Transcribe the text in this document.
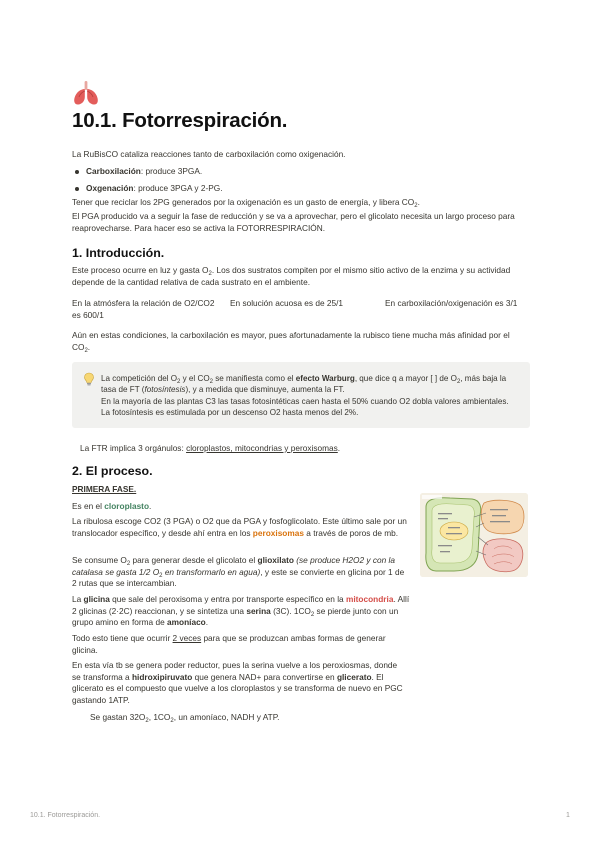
10.1. Fotorrespiración.

La RuBisCO cataliza reacciones tanto de carboxilación como oxigenación.

Carboxilación: produce 3PGA.
Oxgenación: produce 3PGA y 2-PG.

Tener que reciclar los 2PG generados por la oxigenación es un gasto de energía, y libera $CO_2$.

El PGA producido va a seguir la fase de reducción y se va a aprovechar, pero el glicolato necesita un largo proceso para reaprovecharse. Para hacer eso se activa la FOTORRESPIRACIÓN.

1. Introducción.

Este proceso ocurre en luz y gasta $O_2$. Los dos sustratos compiten por el mismo sitio activo de la enzima y su actividad depende de la cantidad relativa de cada sustrato en el ambiente.

En la atmósfera la relación de O2/CO2 es 600/1

En solución acuosa es de 25/1	En carboxilación/oxigenación es 3/1

Aún en estas condiciones, la carboxilación es mayor, pues afortunadamente la rubisco tiene mucha más afinidad por el $CO_2$.

La competición del $O_2$ y el $CO_2$ se manifiesta como el efecto Warburg, que dice q a mayor [ ] de $O_2$, más baja la tasa de FT (fotosíntesis), y a medida que disminuye, aumenta la FT.

En la mayoría de las plantas C3 las tasas fotosintéticas caen hasta el 50% cuando O2 dobla valores ambientales.

La fotosíntesis es estimulada por un descenso O2 hasta menos del 2%.

La FTR implica 3 orgánulos: cloroplastos, mitocondrias y peroxisomas.

2. El proceso.

PRIMERA FASE.

Es en el cloroplasto.

La ribulosa escoge CO2 (3 PGA) o O2 que da PGA y fosfoglicolato. Este último sale por un translocador específico, y desde ahí entra en los peroxisomas a través de poros de mb.

Se consume $O_2$ para generar desde el glicolato el glioxilato (se produce H2O2 y con la catalasa se gasta 1/2 $O_2$ en transformarlo en agua), y este se convierte en glicina por 1 de 2 rutas que se intercambian.

La glicina que sale del peroxisoma y entra por transporte específico en la mitocondria. Allí 2 glicinas (2·2C) reaccionan, y se sintetiza una serina (3C). $1CO_2$ se pierde junto con un grupo amino en forma de amoníaco.

Todo esto tiene que ocurrir 2 veces para que se produzcan ambas formas de generar glicina.

En esta vía tb se genera poder reductor, pues la serina vuelve a los peroxiosmas, donde se transforma a hidroxipiruvato que genera NAD+ para convertirse en glicerato. El glicerato es el compuesto que vuelve a los cloroplastos y se transforma de nuevo en PGC gastando 1ATP.

Se gastan $32O_2$, $1CO_2$, un amoníaco, NADH y ATP.

10.1. Fotorrespiración.	1
